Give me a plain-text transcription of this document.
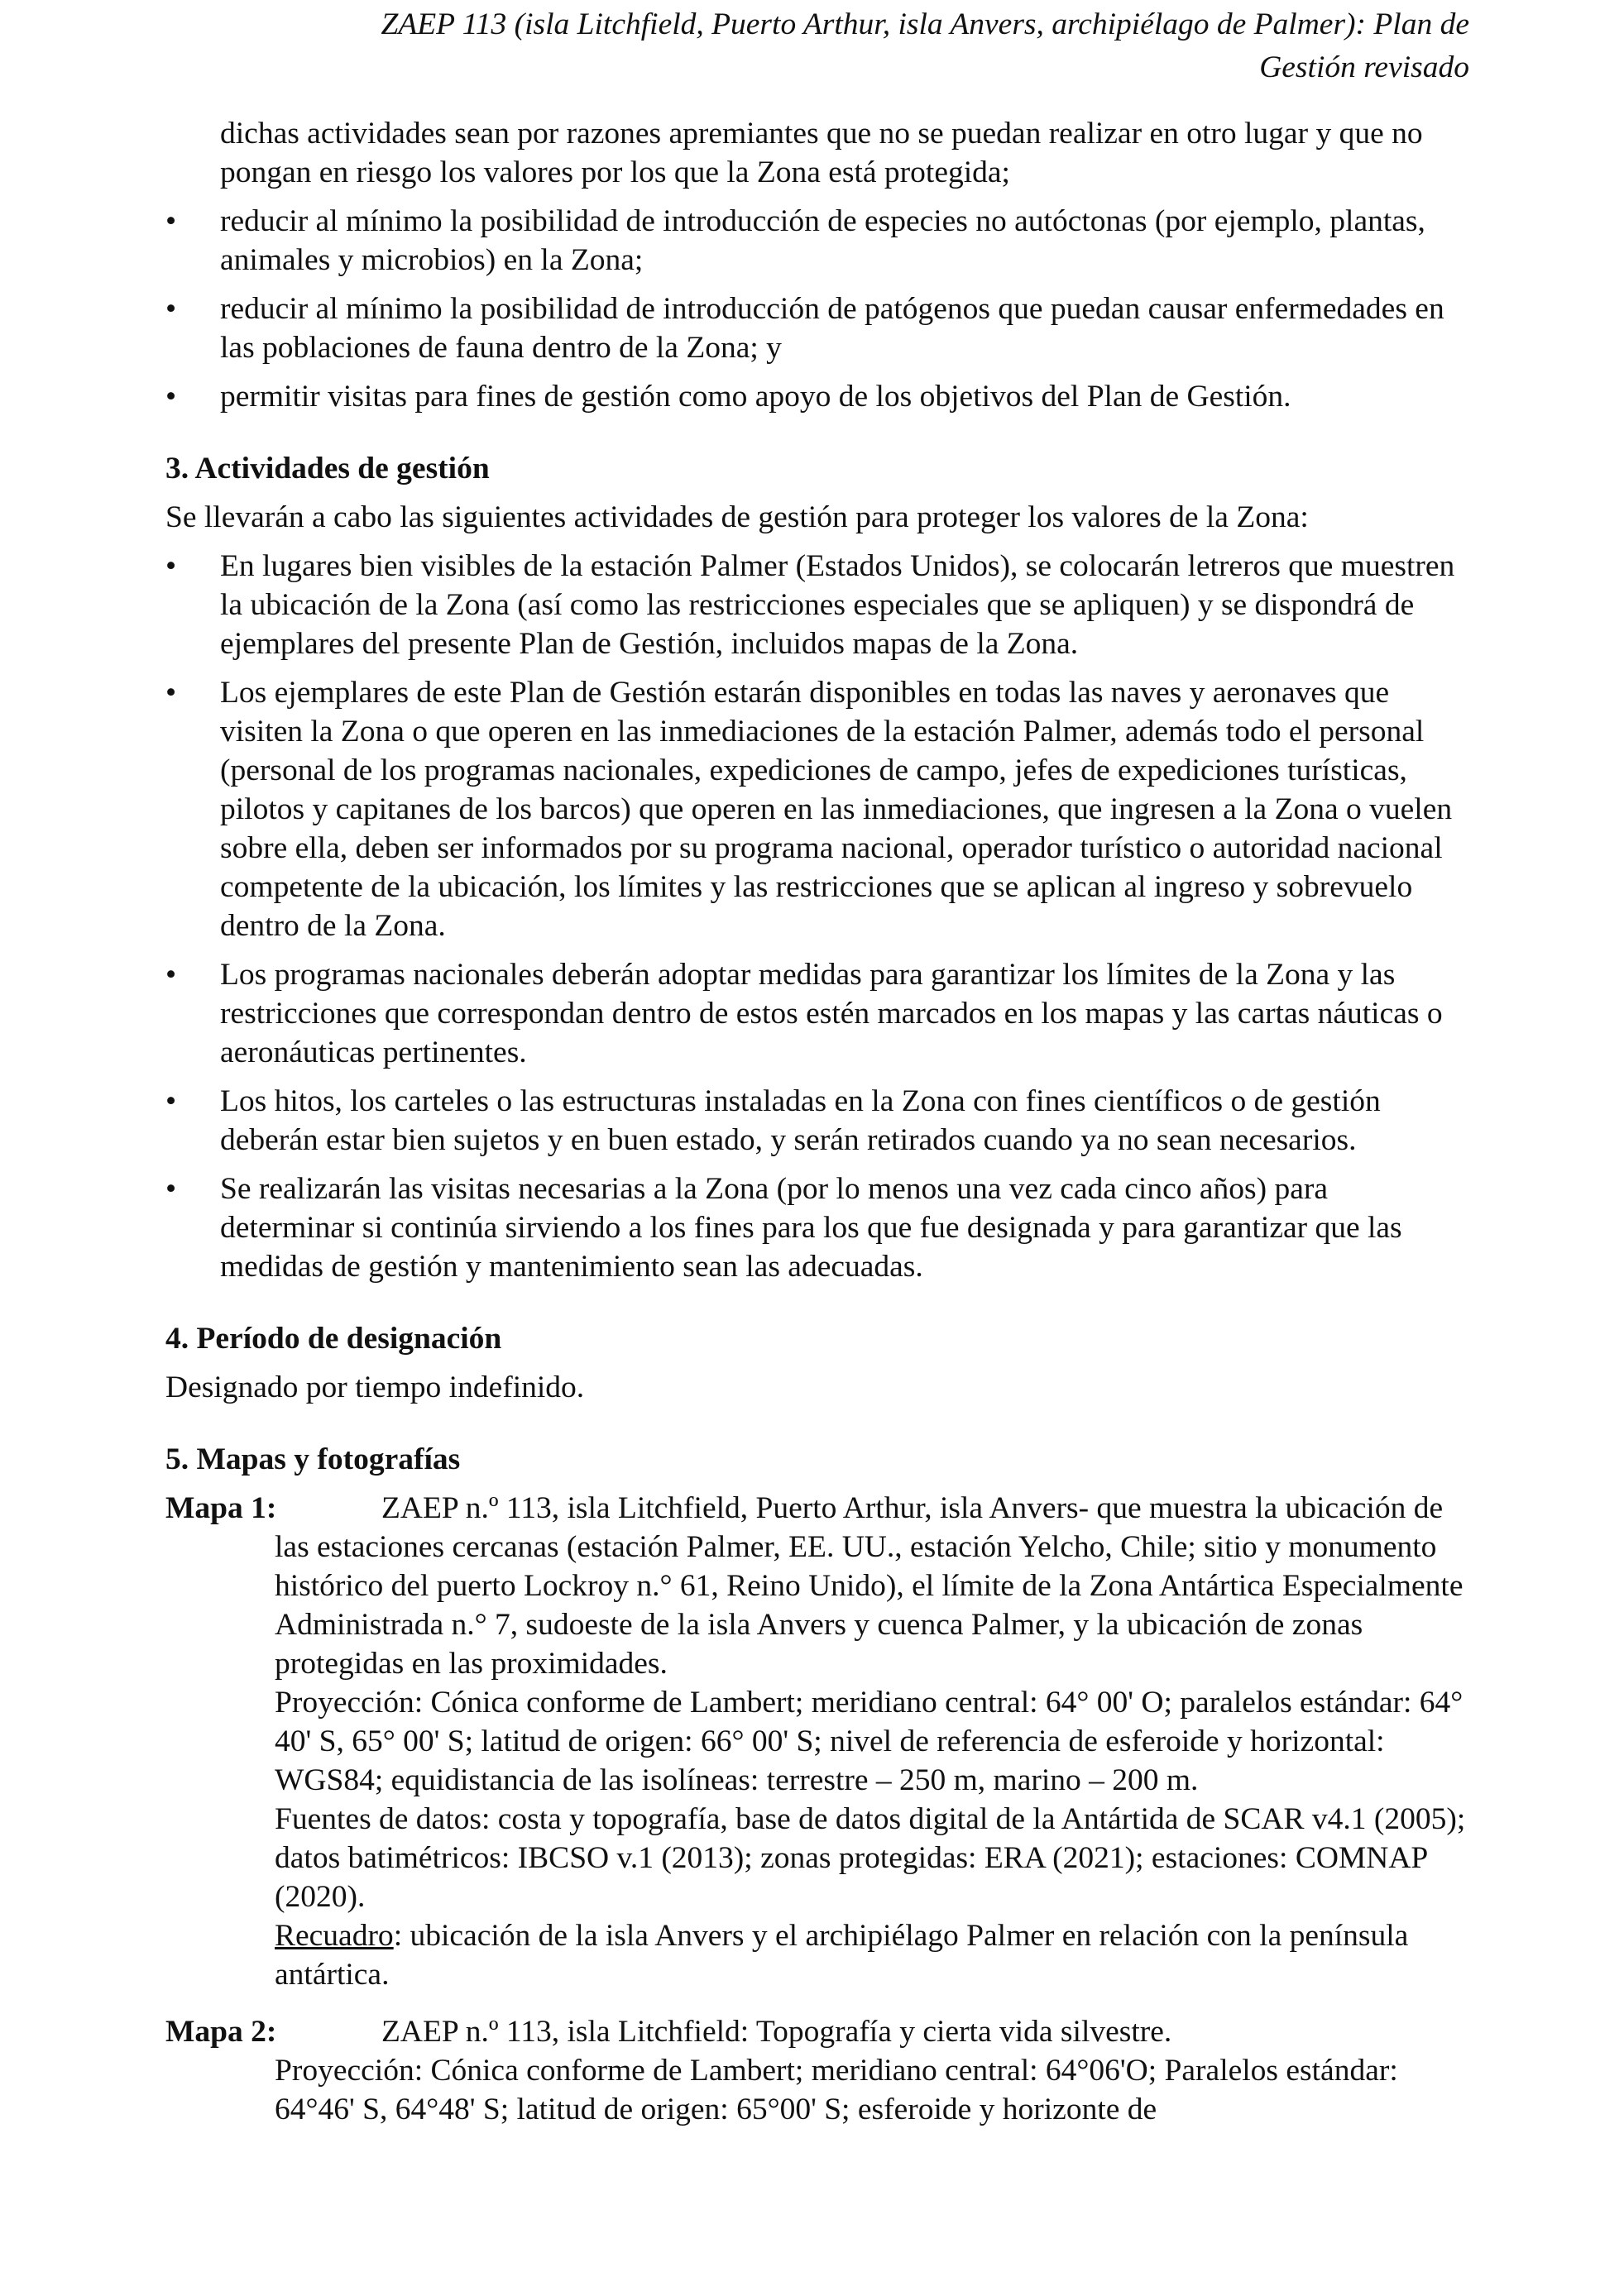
ZAEP 113 (isla Litchfield, Puerto Arthur, isla Anvers, archipiélago de Palmer): Plan de
Gestión revisado

dichas actividades sean por razones apremiantes que no se puedan realizar en otro lugar y que no pongan en riesgo los valores por los que la Zona está protegida;

•	reducir al mínimo la posibilidad de introducción de especies no autóctonas (por ejemplo, plantas, animales y microbios) en la Zona;
•	reducir al mínimo la posibilidad de introducción de patógenos que puedan causar enfermedades en las poblaciones de fauna dentro de la Zona; y
•	permitir visitas para fines de gestión como apoyo de los objetivos del Plan de Gestión.
3. Actividades de gestión

Se llevarán a cabo las siguientes actividades de gestión para proteger los valores de la Zona:

•	En lugares bien visibles de la estación Palmer (Estados Unidos), se colocarán letreros que muestren la ubicación de la Zona (así como las restricciones especiales que se apliquen) y se dispondrá de ejemplares del presente Plan de Gestión, incluidos mapas de la Zona.
•	Los ejemplares de este Plan de Gestión estarán disponibles en todas las naves y aeronaves que visiten la Zona o que operen en las inmediaciones de la estación Palmer, además todo el personal (personal de los programas nacionales, expediciones de campo, jefes de expediciones turísticas, pilotos y capitanes de los barcos) que operen en las inmediaciones, que ingresen a la Zona o vuelen sobre ella, deben ser informados por su programa nacional, operador turístico o autoridad nacional competente de la ubicación, los límites y las restricciones que se aplican al ingreso y sobrevuelo dentro de la Zona.
•	Los programas nacionales deberán adoptar medidas para garantizar los límites de la Zona y las restricciones que correspondan dentro de estos estén marcados en los mapas y las cartas náuticas o aeronáuticas pertinentes.
•	Los hitos, los carteles o las estructuras instaladas en la Zona con fines científicos o de gestión deberán estar bien sujetos y en buen estado, y serán retirados cuando ya no sean necesarios.
•	Se realizarán las visitas necesarias a la Zona (por lo menos una vez cada cinco años) para determinar si continúa sirviendo a los fines para los que fue designada y para garantizar que las medidas de gestión y mantenimiento sean las adecuadas.
4. Período de designación

Designado por tiempo indefinido.

5. Mapas y fotografías
Mapa 1:	ZAEP n.º 113, isla Litchfield, Puerto Arthur, isla Anvers- que muestra la ubicación de las estaciones cercanas (estación Palmer, EE. UU., estación Yelcho, Chile; sitio y monumento histórico del puerto Lockroy n.° 61, Reino Unido), el límite de la Zona Antártica Especialmente Administrada n.° 7, sudoeste de la isla Anvers y cuenca Palmer, y la ubicación de zonas protegidas en las proximidades.
Proyección: Cónica conforme de Lambert; meridiano central: 64° 00' O; paralelos estándar: 64° 40' S, 65° 00' S; latitud de origen: 66° 00' S; nivel de referencia de esferoide y horizontal: WGS84; equidistancia de las isolíneas: terrestre – 250 m, marino – 200 m.
Fuentes de datos: costa y topografía, base de datos digital de la Antártida de SCAR v4.1 (2005); datos batimétricos: IBCSO v.1 (2013); zonas protegidas: ERA (2021); estaciones: COMNAP (2020).
Recuadro: ubicación de la isla Anvers y el archipiélago Palmer en relación con la península antártica.
Mapa 2:	ZAEP n.º 113, isla Litchfield: Topografía y cierta vida silvestre.
Proyección: Cónica conforme de Lambert; meridiano central: 64°06'O; Paralelos estándar: 64°46' S, 64°48' S; latitud de origen: 65°00' S; esferoide y horizonte de
